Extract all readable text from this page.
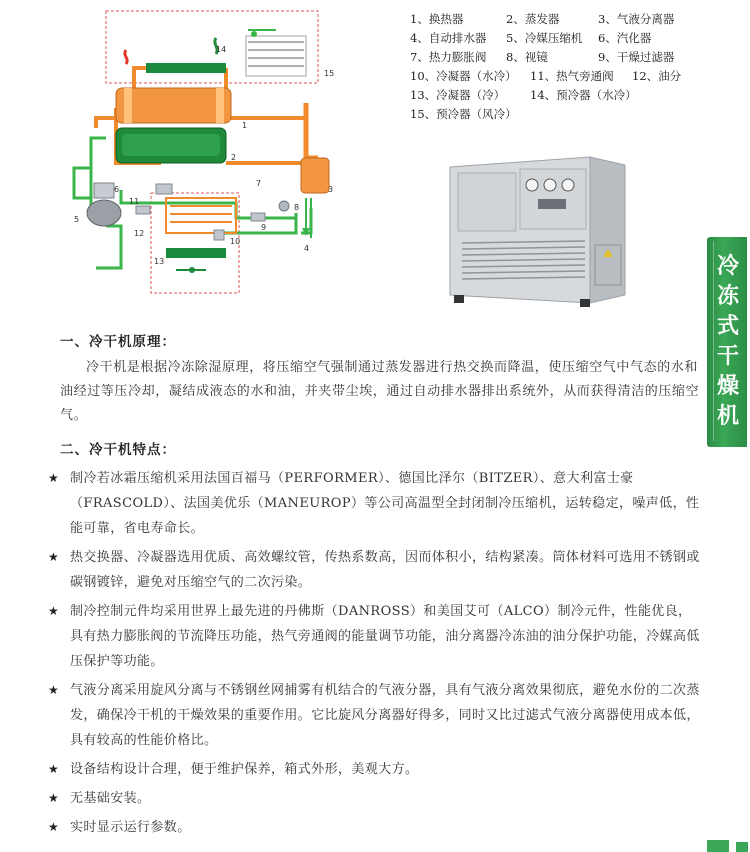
14
15
1
2
3
4
5
6
7
8
9
10
11
12
13
1、换热器	2、蒸发器	3、气液分离器
4、自动排水器 5、冷媒压缩机 6、汽化器
7、热力膨胀阀 8、视镜	9、干燥过滤器
10、冷凝器（水冷） 11、热气旁通阀 12、油分
13、冷凝器（冷） 14、预冷器（水冷）
15、预冷器（风冷）
冷冻式干燥机
一、冷干机原理：

冷干机是根据冷冻除湿原理，将压缩空气强制通过蒸发器进行热交换而降温，使压缩空气中气态的水和油经过等压冷却，凝结成液态的水和油，并夹带尘埃，通过自动排水器排出系统外，从而获得清洁的压缩空气。

二、冷干机特点：
★ 制冷若冰霜压缩机采用法国百福马（PERFORMER）、德国比泽尔（BITZER）、意大利富士豪（FRASCOLD）、法国美优乐（MANEUROP）等公司高温型全封闭制冷压缩机，运转稳定，噪声低，性能可靠，省电寿命长。
★ 热交换器、冷凝器选用优质、高效螺纹管，传热系数高，因而体积小，结构紧凑。筒体材料可选用不锈钢或碳钢镀锌，避免对压缩空气的二次污染。
★ 制冷控制元件均采用世界上最先进的丹佛斯（DANROSS）和美国艾可（ALCO）制冷元件，性能优良，具有热力膨胀阀的节流降压功能，热气旁通阀的能量调节功能，油分离器冷冻油的油分保护功能，冷媒高低压保护等功能。
★ 气液分离采用旋风分离与不锈钢丝网捕雾有机结合的气液分器，具有气液分离效果彻底，避免水份的二次蒸发，确保冷干机的干燥效果的重要作用。它比旋风分离器好得多，同时又比过滤式气液分离器使用成本低，具有较高的性能价格比。
★ 设备结构设计合理，便于维护保养，箱式外形，美观大方。
★ 无基础安装。
★ 实时显示运行参数。
